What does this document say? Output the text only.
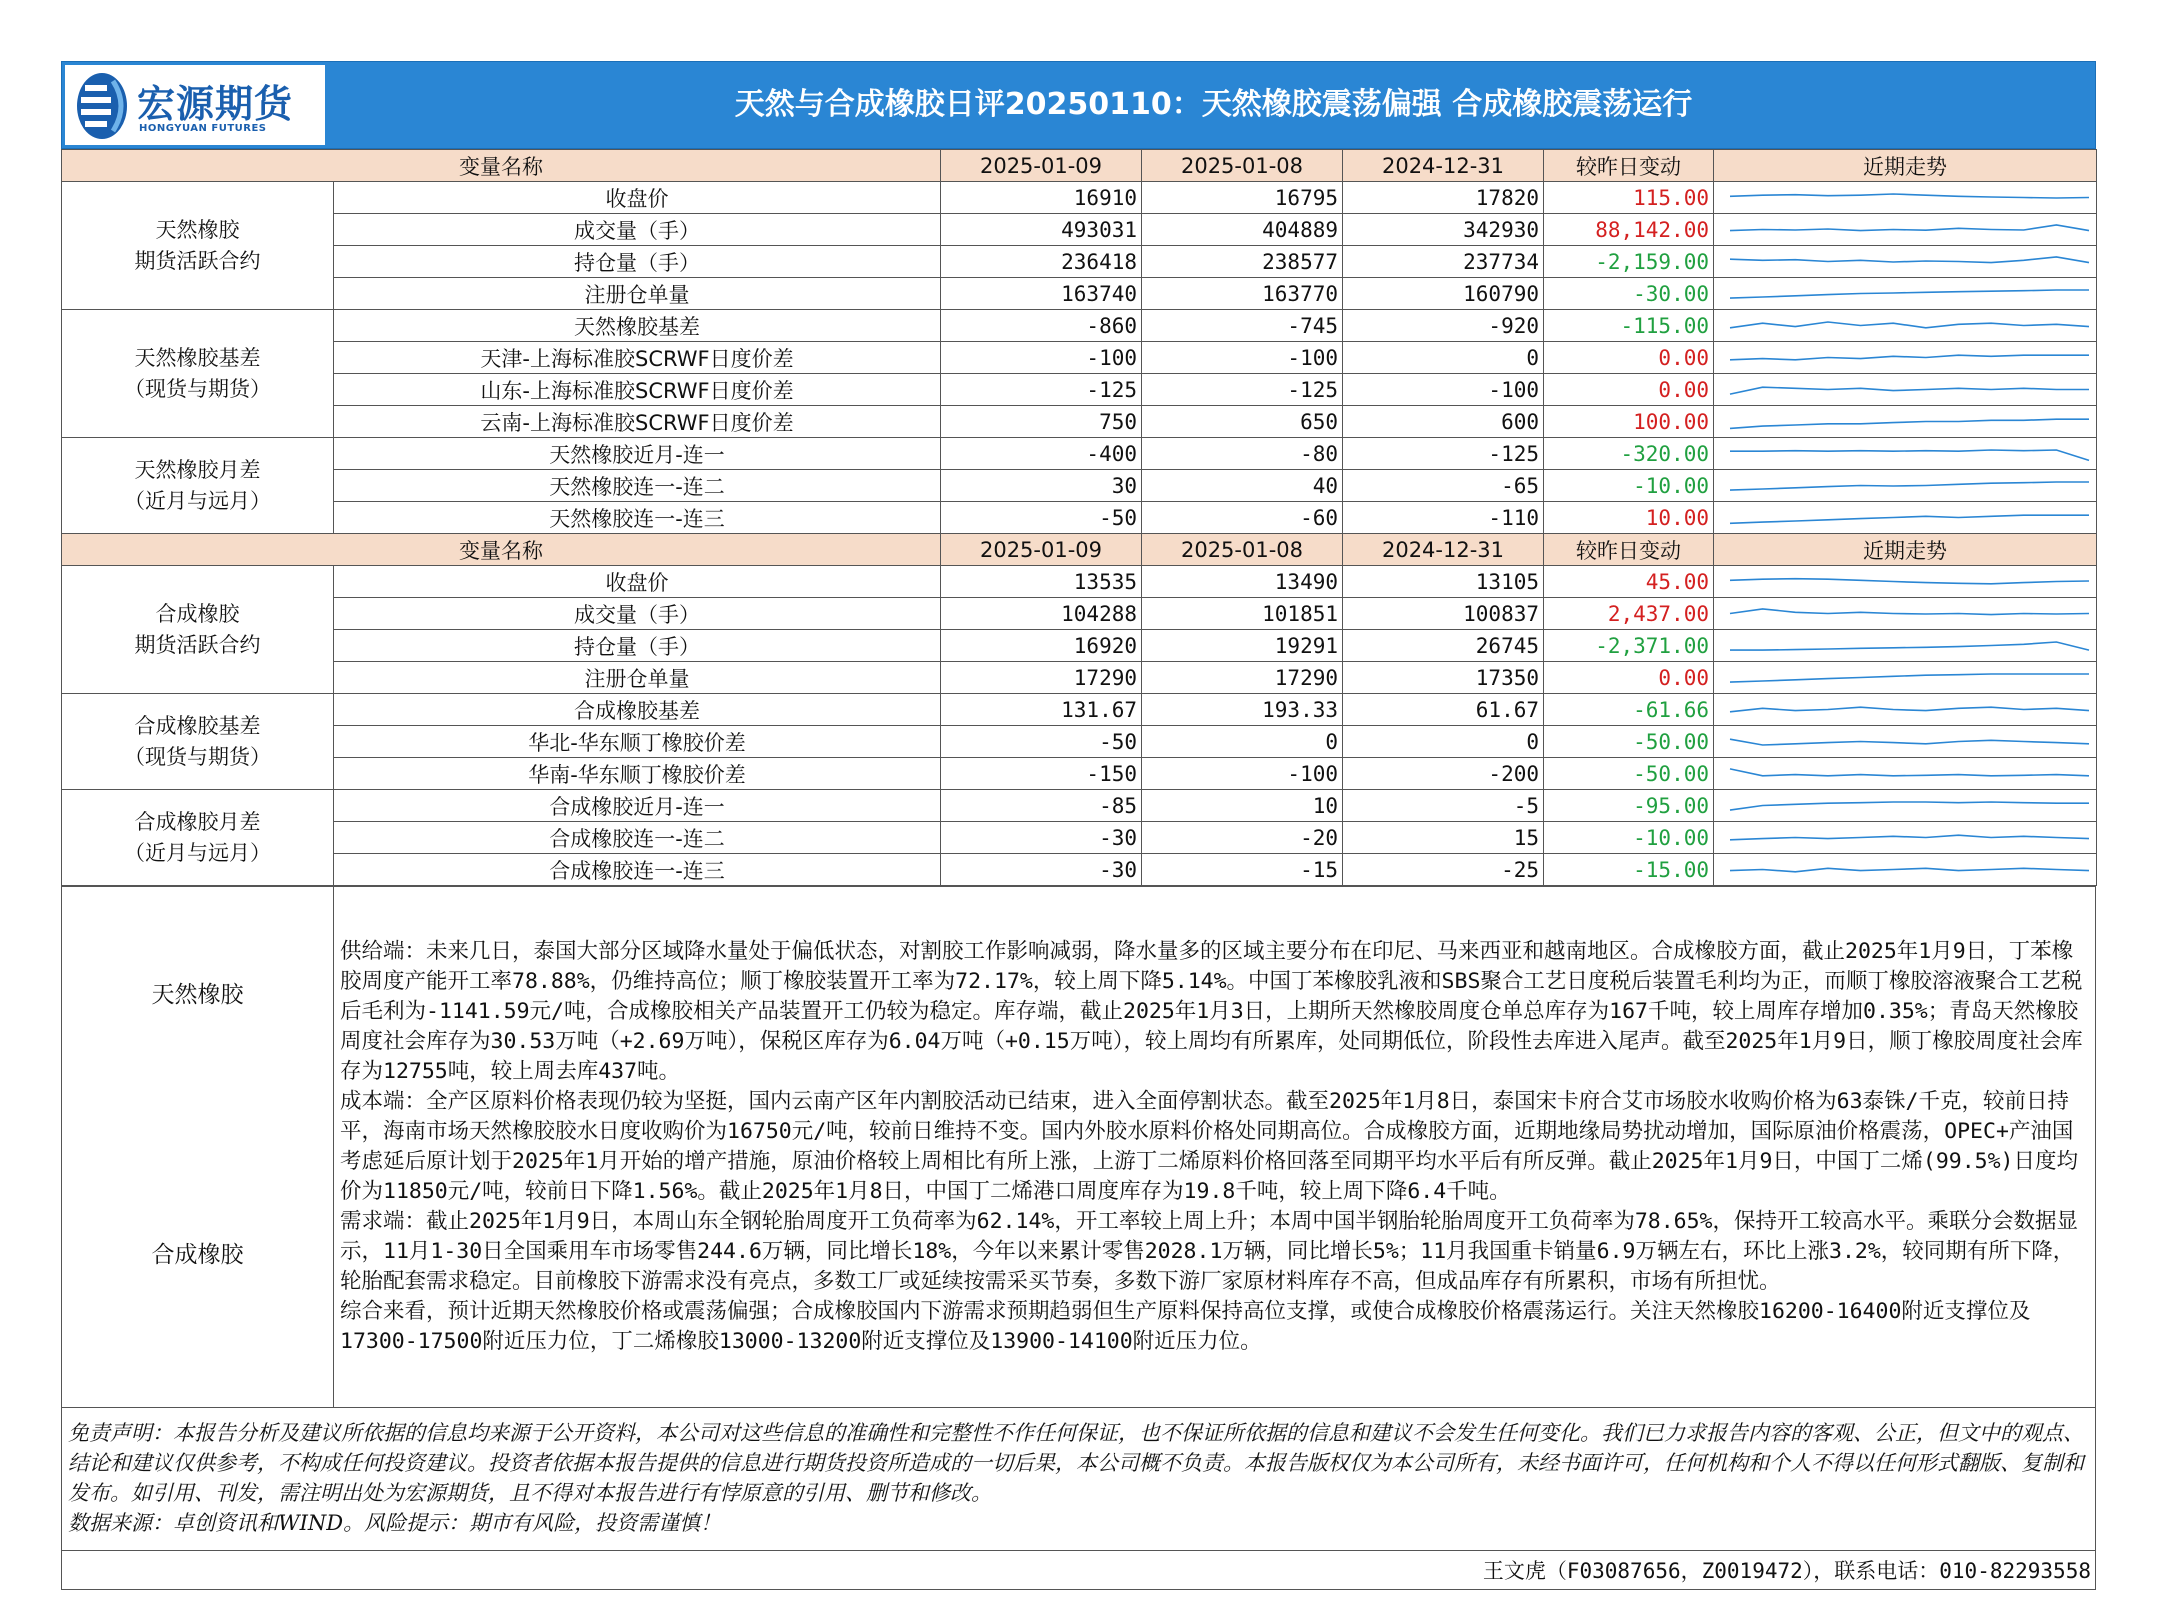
宏源期货
HONGYUAN FUTURES
天然与合成橡胶日评20250110：天然橡胶震荡偏强 合成橡胶震荡运行
变量名称		2025-01-09	2025-01-08	2024-12-31	较昨日变动	近期走势
天然橡胶
期货活跃合约	收盘价	16910	16795	17820	115.00	

	成交量（手）	493031	404889	342930	88,142.00	

	持仓量（手）	236418	238577	237734	-2,159.00	

	注册仓单量	163740	163770	160790	-30.00	

天然橡胶基差
（现货与期货）	天然橡胶基差	-860	-745	-920	-115.00	

	天津-上海标准胶SCRWF日度价差	-100	-100	0	0.00	

	山东-上海标准胶SCRWF日度价差	-125	-125	-100	0.00	

	云南-上海标准胶SCRWF日度价差	750	650	600	100.00	

天然橡胶月差
（近月与远月）	天然橡胶近月-连一	-400	-80	-125	-320.00	

	天然橡胶连一-连二	30	40	-65	-10.00	

	天然橡胶连一-连三	-50	-60	-110	10.00	

变量名称		2025-01-09	2025-01-08	2024-12-31	较昨日变动	近期走势
合成橡胶
期货活跃合约	收盘价	13535	13490	13105	45.00	

	成交量（手）	104288	101851	100837	2,437.00	

	持仓量（手）	16920	19291	26745	-2,371.00	

	注册仓单量	17290	17290	17350	0.00	

合成橡胶基差
（现货与期货）	合成橡胶基差	131.67	193.33	61.67	-61.66	

	华北-华东顺丁橡胶价差	-50	0	0	-50.00	

	华南-华东顺丁橡胶价差	-150	-100	-200	-50.00	

合成橡胶月差
（近月与远月）	合成橡胶近月-连一	-85	10	-5	-95.00	

	合成橡胶连一-连二	-30	-20	15	-10.00	

	合成橡胶连一-连三	-30	-15	-25	-15.00	
天然橡胶
合成橡胶

供给端：未来几日，泰国大部分区域降水量处于偏低状态，对割胶工作影响减弱，降水量多的区域主要分布在印尼、马来西亚和越南地区。合成橡胶方面，截止2025年1月9日，丁苯橡胶周度产能开工率78.88%，仍维持高位；顺丁橡胶装置开工率为72.17%，较上周下降5.14%。中国丁苯橡胶乳液和SBS聚合工艺日度税后装置毛利均为正，而顺丁橡胶溶液聚合工艺税后毛利为-1141.59元/吨，合成橡胶相关产品装置开工仍较为稳定。库存端，截止2025年1月3日，上期所天然橡胶周度仓单总库存为167千吨，较上周库存增加0.35%；青岛天然橡胶周度社会库存为30.53万吨（+2.69万吨），保税区库存为6.04万吨（+0.15万吨），较上周均有所累库，处同期低位，阶段性去库进入尾声。截至2025年1月9日，顺丁橡胶周度社会库存为12755吨，较上周去库437吨。
成本端：全产区原料价格表现仍较为坚挺，国内云南产区年内割胶活动已结束，进入全面停割状态。截至2025年1月8日，泰国宋卡府合艾市场胶水收购价格为63泰铢/千克，较前日持平，海南市场天然橡胶胶水日度收购价为16750元/吨，较前日维持不变。国内外胶水原料价格处同期高位。合成橡胶方面，近期地缘局势扰动增加，国际原油价格震荡，OPEC+产油国考虑延后原计划于2025年1月开始的增产措施，原油价格较上周相比有所上涨，上游丁二烯原料价格回落至同期平均水平后有所反弹。截止2025年1月9日，中国丁二烯(99.5%)日度均价为11850元/吨，较前日下降1.56%。截止2025年1月8日，中国丁二烯港口周度库存为19.8千吨，较上周下降6.4千吨。
需求端：截止2025年1月9日，本周山东全钢轮胎周度开工负荷率为62.14%，开工率较上周上升；本周中国半钢胎轮胎周度开工负荷率为78.65%，保持开工较高水平。乘联分会数据显示，11月1-30日全国乘用车市场零售244.6万辆，同比增长18%，今年以来累计零售2028.1万辆，同比增长5%；11月我国重卡销量6.9万辆左右，环比上涨3.2%，较同期有所下降，轮胎配套需求稳定。目前橡胶下游需求没有亮点，多数工厂或延续按需采买节奏，多数下游厂家原材料库存不高，但成品库存有所累积，市场有所担忧。
综合来看，预计近期天然橡胶价格或震荡偏强；合成橡胶国内下游需求预期趋弱但生产原料保持高位支撑，或使合成橡胶价格震荡运行。关注天然橡胶16200-16400附近支撑位及17300-17500附近压力位，丁二烯橡胶13000-13200附近支撑位及13900-14100附近压力位。
免责声明：本报告分析及建议所依据的信息均来源于公开资料，本公司对这些信息的准确性和完整性不作任何保证，也不保证所依据的信息和建议不会发生任何变化。我们已力求报告内容的客观、公正，但文中的观点、结论和建议仅供参考，不构成任何投资建议。投资者依据本报告提供的信息进行期货投资所造成的一切后果，本公司概不负责。本报告版权仅为本公司所有，未经书面许可，任何机构和个人不得以任何形式翻版、复制和发布。如引用、刊发，需注明出处为宏源期货，且不得对本报告进行有悖原意的引用、删节和修改。
数据来源：卓创资讯和WIND。风险提示：期市有风险，投资需谨慎！
王文虎（F03087656，Z0019472），联系电话：010-82293558
